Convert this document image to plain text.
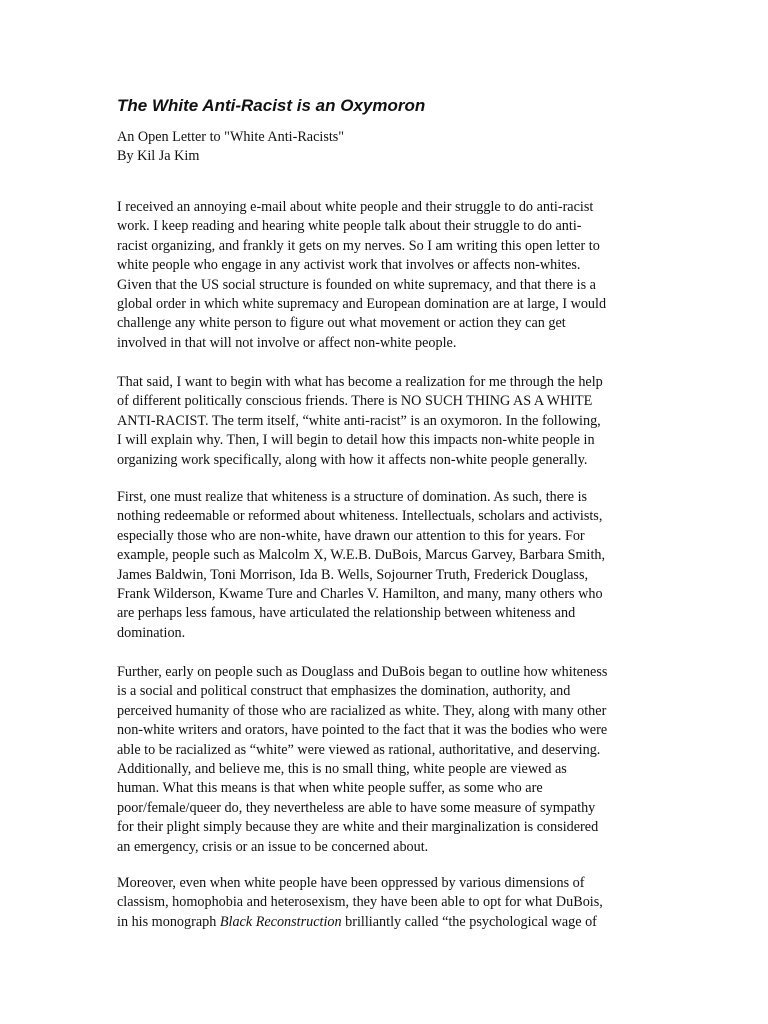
The White Anti-Racist is an Oxymoron
An Open Letter to "White Anti-Racists"
By Kil Ja Kim

I received an annoying e-mail about white people and their struggle to do anti-racist
work. I keep reading and hearing white people talk about their struggle to do anti-
racist organizing, and frankly it gets on my nerves. So I am writing this open letter to
white people who engage in any activist work that involves or affects non-whites.
Given that the US social structure is founded on white supremacy, and that there is a
global order in which white supremacy and European domination are at large, I would
challenge any white person to figure out what movement or action they can get
involved in that will not involve or affect non-white people.

That said, I want to begin with what has become a realization for me through the help
of different politically conscious friends. There is NO SUCH THING AS A WHITE
ANTI-RACIST. The term itself, “white anti-racist” is an oxymoron. In the following,
I will explain why. Then, I will begin to detail how this impacts non-white people in
organizing work specifically, along with how it affects non-white people generally.

First, one must realize that whiteness is a structure of domination. As such, there is
nothing redeemable or reformed about whiteness. Intellectuals, scholars and activists,
especially those who are non-white, have drawn our attention to this for years. For
example, people such as Malcolm X, W.E.B. DuBois, Marcus Garvey, Barbara Smith,
James Baldwin, Toni Morrison, Ida B. Wells, Sojourner Truth, Frederick Douglass,
Frank Wilderson, Kwame Ture and Charles V. Hamilton, and many, many others who
are perhaps less famous, have articulated the relationship between whiteness and
domination.

Further, early on people such as Douglass and DuBois began to outline how whiteness
is a social and political construct that emphasizes the domination, authority, and
perceived humanity of those who are racialized as white. They, along with many other
non-white writers and orators, have pointed to the fact that it was the bodies who were
able to be racialized as “white” were viewed as rational, authoritative, and deserving.
Additionally, and believe me, this is no small thing, white people are viewed as
human. What this means is that when white people suffer, as some who are
poor/female/queer do, they nevertheless are able to have some measure of sympathy
for their plight simply because they are white and their marginalization is considered
an emergency, crisis or an issue to be concerned about.

Moreover, even when white people have been oppressed by various dimensions of
classism, homophobia and heterosexism, they have been able to opt for what DuBois,
in his monograph Black Reconstruction brilliantly called “the psychological wage of
